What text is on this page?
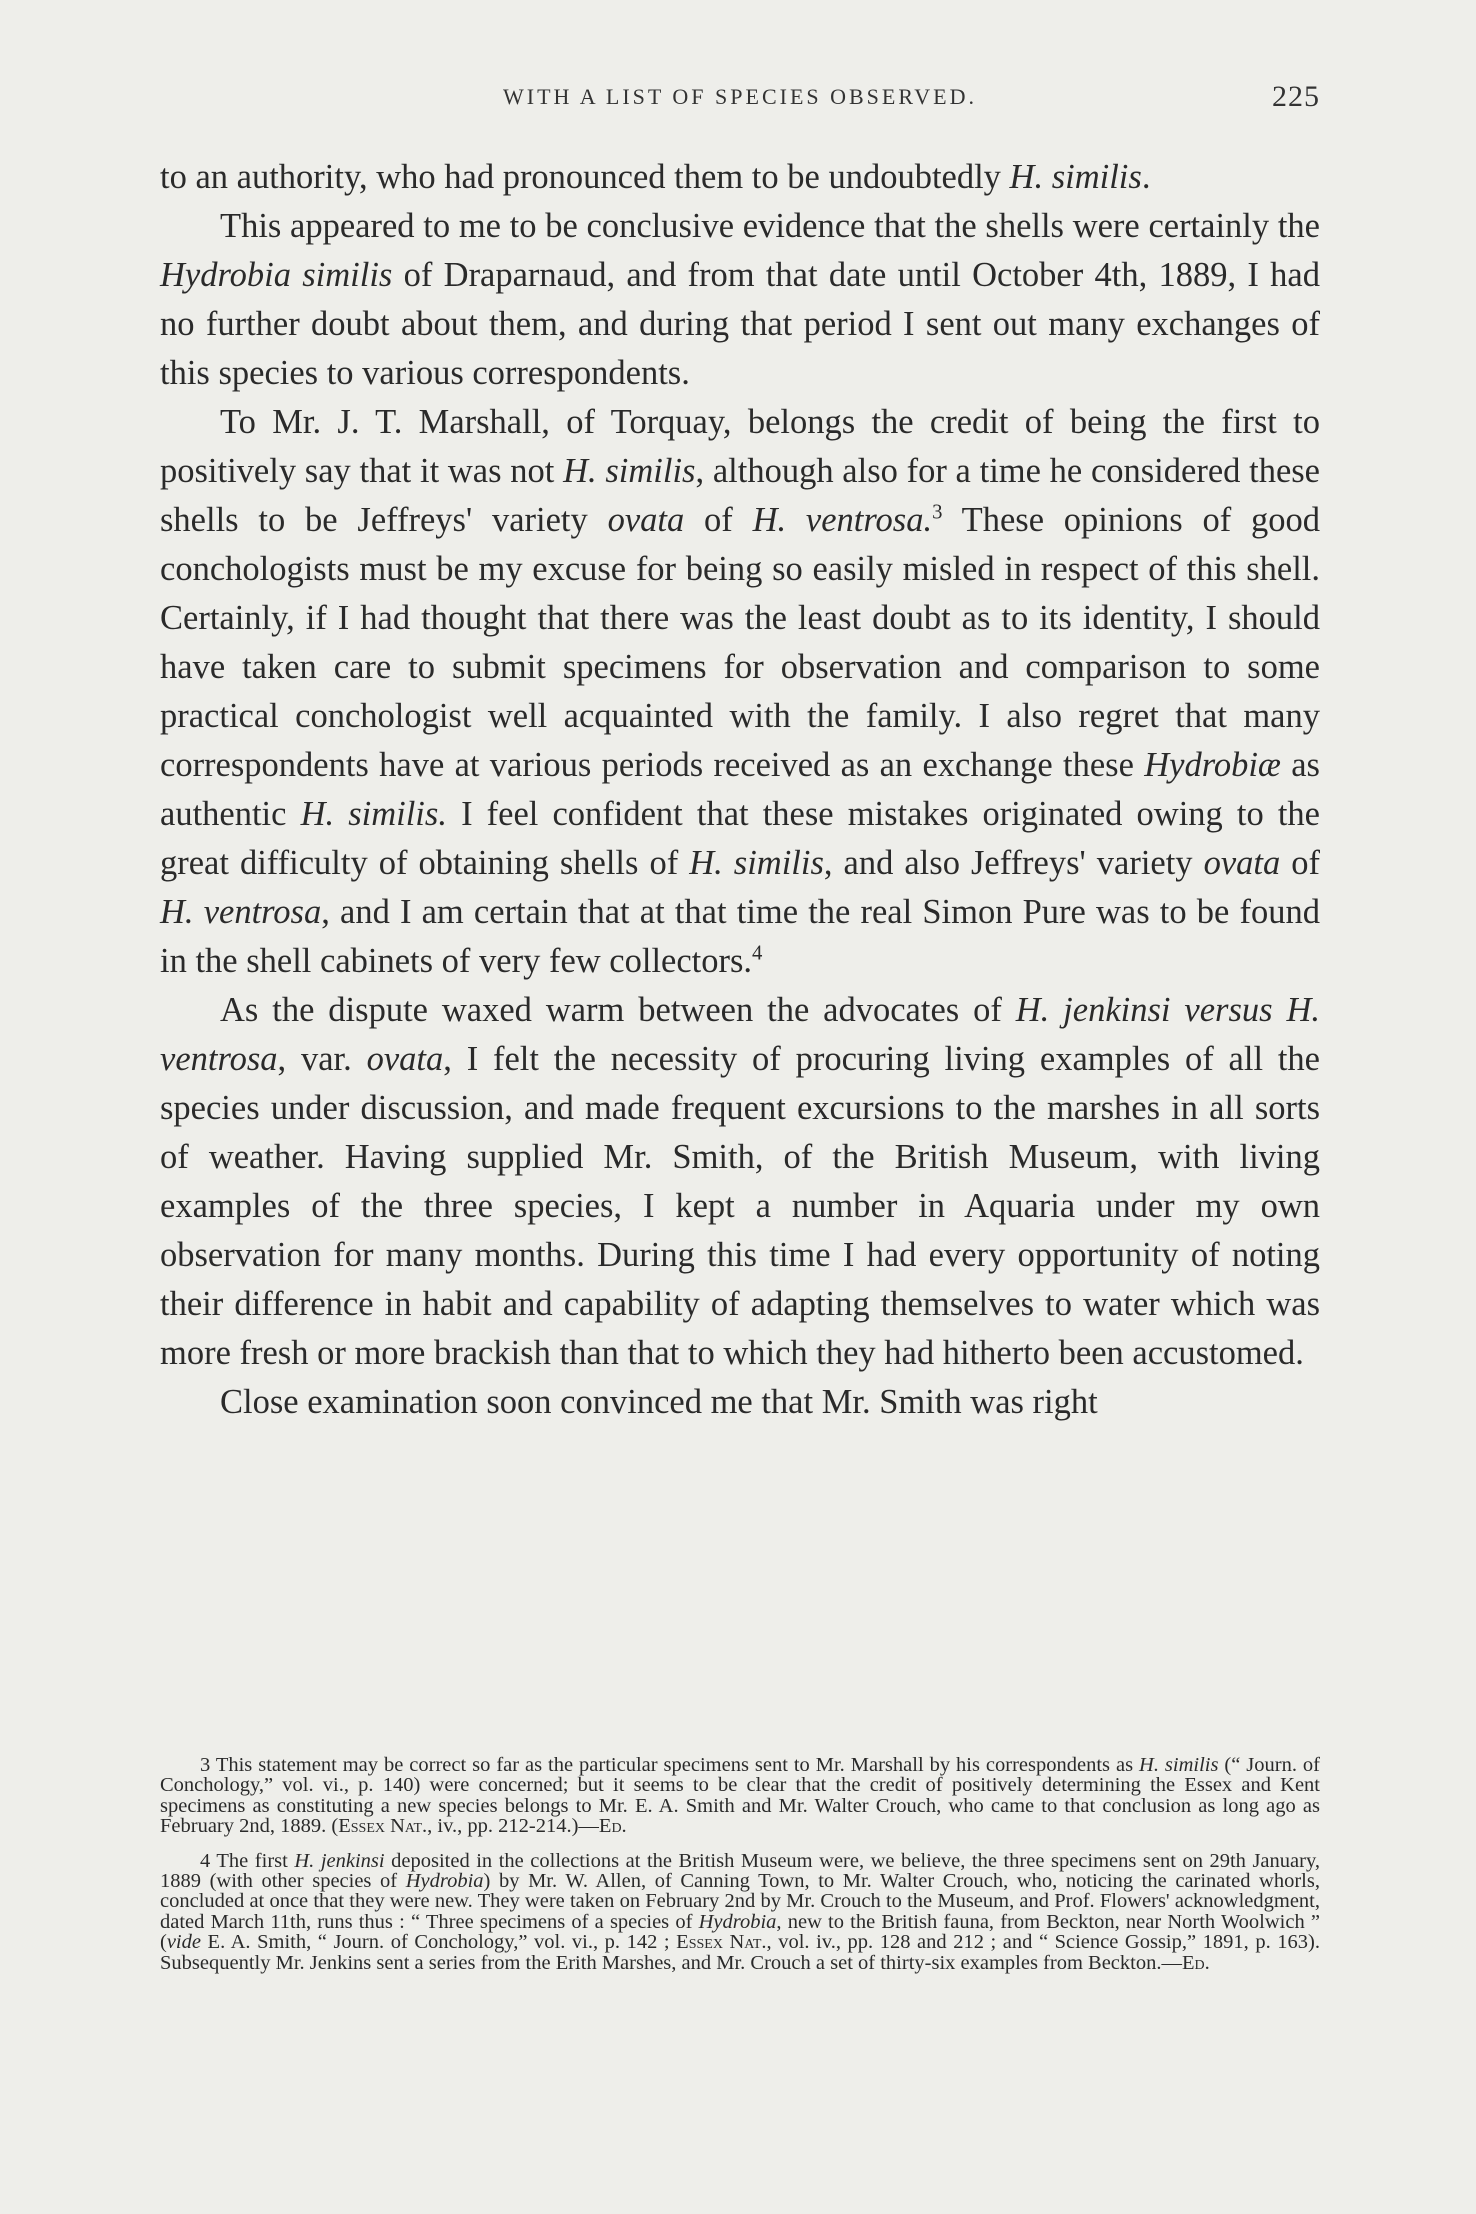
WITH A LIST OF SPECIES OBSERVED.	225

to an authority, who had pronounced them to be undoubtedly H. similis.

This appeared to me to be conclusive evidence that the shells were certainly the Hydrobia similis of Draparnaud, and from that date until October 4th, 1889, I had no further doubt about them, and during that period I sent out many exchanges of this species to various correspondents.

To Mr. J. T. Marshall, of Torquay, belongs the credit of being the first to positively say that it was not H. similis, although also for a time he considered these shells to be Jeffreys' variety ovata of H. ventrosa.$^3$ These opinions of good conchologists must be my excuse for being so easily misled in respect of this shell. Certainly, if I had thought that there was the least doubt as to its identity, I should have taken care to submit specimens for observation and comparison to some practical conchologist well acquainted with the family. I also regret that many correspondents have at various periods received as an exchange these Hydrobiæ as authentic H. similis. I feel confident that these mistakes originated owing to the great difficulty of obtaining shells of H. similis, and also Jeffreys' variety ovata of H. ventrosa, and I am certain that at that time the real Simon Pure was to be found in the shell cabinets of very few collectors.$^4$

As the dispute waxed warm between the advocates of H. jenkinsi versus H. ventrosa, var. ovata, I felt the necessity of procuring living examples of all the species under discussion, and made frequent excursions to the marshes in all sorts of weather. Having supplied Mr. Smith, of the British Museum, with living examples of the three species, I kept a number in Aquaria under my own observation for many months. During this time I had every opportunity of noting their difference in habit and capability of adapting themselves to water which was more fresh or more brackish than that to which they had hitherto been accustomed.

Close examination soon convinced me that Mr. Smith was right

3 This statement may be correct so far as the particular specimens sent to Mr. Marshall by his correspondents as H. similis (“ Journ. of Conchology,” vol. vi., p. 140) were concerned; but it seems to be clear that the credit of positively determining the Essex and Kent specimens as constituting a new species belongs to Mr. E. A. Smith and Mr. Walter Crouch, who came to that conclusion as long ago as February 2nd, 1889. (Essex Nat., iv., pp. 212-214.)—Ed.

4 The first H. jenkinsi deposited in the collections at the British Museum were, we believe, the three specimens sent on 29th January, 1889 (with other species of Hydrobia) by Mr. W. Allen, of Canning Town, to Mr. Walter Crouch, who, noticing the carinated whorls, concluded at once that they were new. They were taken on February 2nd by Mr. Crouch to the Museum, and Prof. Flowers' acknowledgment, dated March 11th, runs thus : “ Three specimens of a species of Hydrobia, new to the British fauna, from Beckton, near North Woolwich ” (vide E. A. Smith, “ Journ. of Conchology,” vol. vi., p. 142 ; Essex Nat., vol. iv., pp. 128 and 212 ; and “ Science Gossip,” 1891, p. 163). Subsequently Mr. Jenkins sent a series from the Erith Marshes, and Mr. Crouch a set of thirty-six examples from Beckton.—Ed.
